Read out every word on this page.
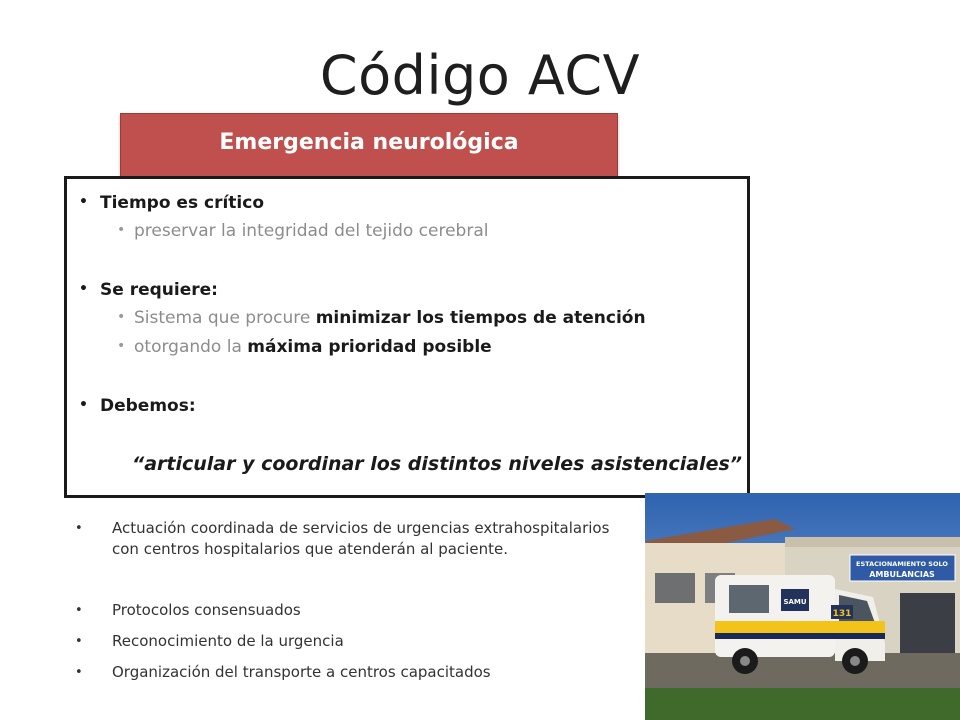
Código ACV
Emergencia neurológica
• Tiempo es crítico
• preservar la integridad del tejido cerebral
• Se requiere:
• Sistema que procure minimizar los tiempos de atención
• otorgando la máxima prioridad posible
• Debemos:
“articular y coordinar los distintos niveles asistenciales”
• Actuación coordinada de servicios de urgencias extrahospitalarios con centros hospitalarios que atenderán al paciente.
• Protocolos consensuados
• Reconocimiento de la urgencia
• Organización del transporte a centros capacitados
ESTACIONAMIENTO SOLO
AMBULANCIAS
SAMU
131
